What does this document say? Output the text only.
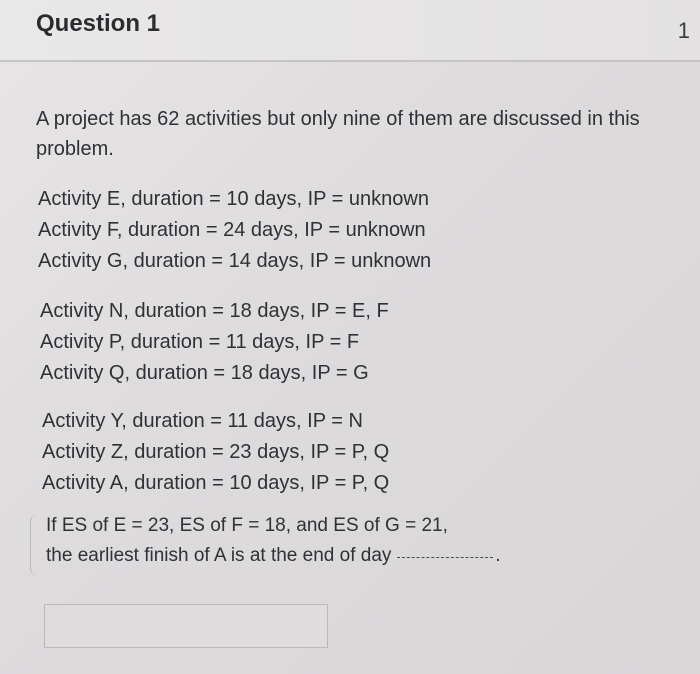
Question 1	1
A project has 62 activities but only nine of them are discussed in this problem.
Activity E, duration = 10 days, IP = unknown
Activity F, duration = 24 days, IP = unknown
Activity G, duration = 14 days, IP = unknown
Activity N, duration = 18 days, IP = E, F
Activity P, duration = 11 days, IP = F
Activity Q, duration = 18 days, IP = G
Activity Y, duration = 11 days, IP = N
Activity Z, duration = 23 days, IP = P, Q
Activity A, duration = 10 days, IP = P, Q
If ES of E = 23, ES of F = 18, and ES of G = 21,
the earliest finish of A is at the end of day	.
